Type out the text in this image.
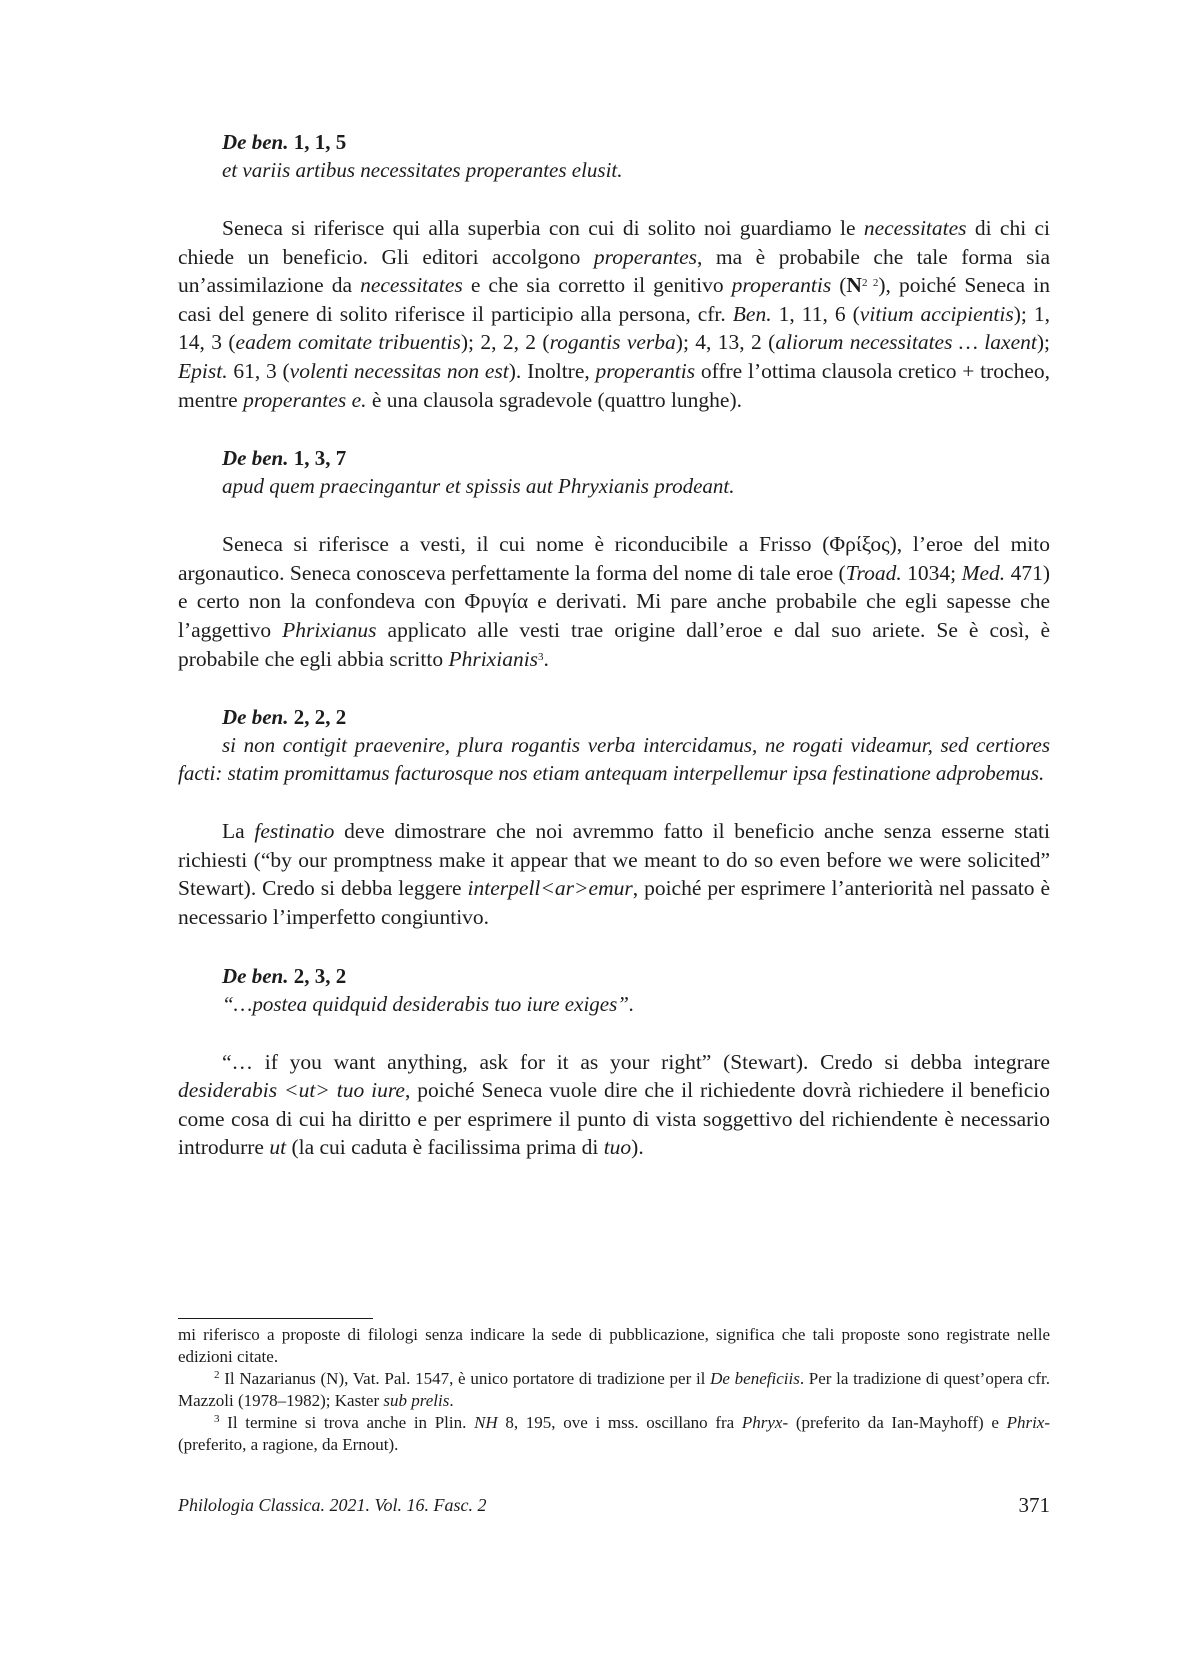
De ben. 1, 1, 5
et variis artibus necessitates properantes elusit.

Seneca si riferisce qui alla superbia con cui di solito noi guardiamo le necessitates di chi ci chiede un beneficio. Gli editori accolgono properantes, ma è probabile che tale forma sia un’assimilazione da necessitates e che sia corretto il genitivo properantis $(N^{2 2})$, poiché Seneca in casi del genere di solito riferisce il participio alla persona, cfr. Ben. 1, 11, 6 (vitium accipientis); 1, 14, 3 (eadem comitate tribuentis); 2, 2, 2 (rogantis verba); 4, 13, 2 (aliorum necessitates … laxent); Epist. 61, 3 (volenti necessitas non est). Inoltre, properantis offre l’ottima clausola cretico + trocheo, mentre properantes e. è una clausola sgradevole (quattro lunghe).

De ben. 1, 3, 7
apud quem praecingantur et spissis aut Phryxianis prodeant.

Seneca si riferisce a vesti, il cui nome è riconducibile a Frisso (Φρίξος), l’eroe del mito argonautico. Seneca conosceva perfettamente la forma del nome di tale eroe (Troad. 1034; Med. 471) e certo non la confondeva con Φρυγία e derivati. Mi pare anche probabile che egli sapesse che l’aggettivo Phrixianus applicato alle vesti trae origine dall’eroe e dal suo ariete. Se è così, è probabile che egli abbia scritto Phrixianis$^3$.

De ben. 2, 2, 2
si non contigit praevenire, plura rogantis verba intercidamus, ne rogati videamur, sed certiores facti: statim promittamus facturosque nos etiam antequam interpellemur ipsa festinatione adprobemus.

La festinatio deve dimostrare che noi avremmo fatto il beneficio anche senza esserne stati richiesti (“by our promptness make it appear that we meant to do so even before we were solicited” Stewart). Credo si debba leggere interpell<ar>emur, poiché per esprimere l’anteriorità nel passato è necessario l’imperfetto congiuntivo.

De ben. 2, 3, 2
“…postea quidquid desiderabis tuo iure exiges”.

“… if you want anything, ask for it as your right” (Stewart). Credo si debba integrare desiderabis <ut> tuo iure, poiché Seneca vuole dire che il richiedente dovrà richiedere il beneficio come cosa di cui ha diritto e per esprimere il punto di vista soggettivo del richiendente è necessario introdurre ut (la cui caduta è facilissima prima di tuo).

mi riferisco a proposte di filologi senza indicare la sede di pubblicazione, significa che tali proposte sono registrate nelle edizioni citate.

$^2$ Il Nazarianus (N), Vat. Pal. 1547, è unico portatore di tradizione per il De beneficiis. Per la tradizione di quest’opera cfr. Mazzoli (1978–1982); Kaster sub prelis.

$^3$ Il termine si trova anche in Plin. NH 8, 195, ove i mss. oscillano fra Phryx- (preferito da Ian-Mayhoff) e Phrix- (preferito, a ragione, da Ernout).

Philologia Classica. 2021. Vol. 16. Fasc. 2	371
